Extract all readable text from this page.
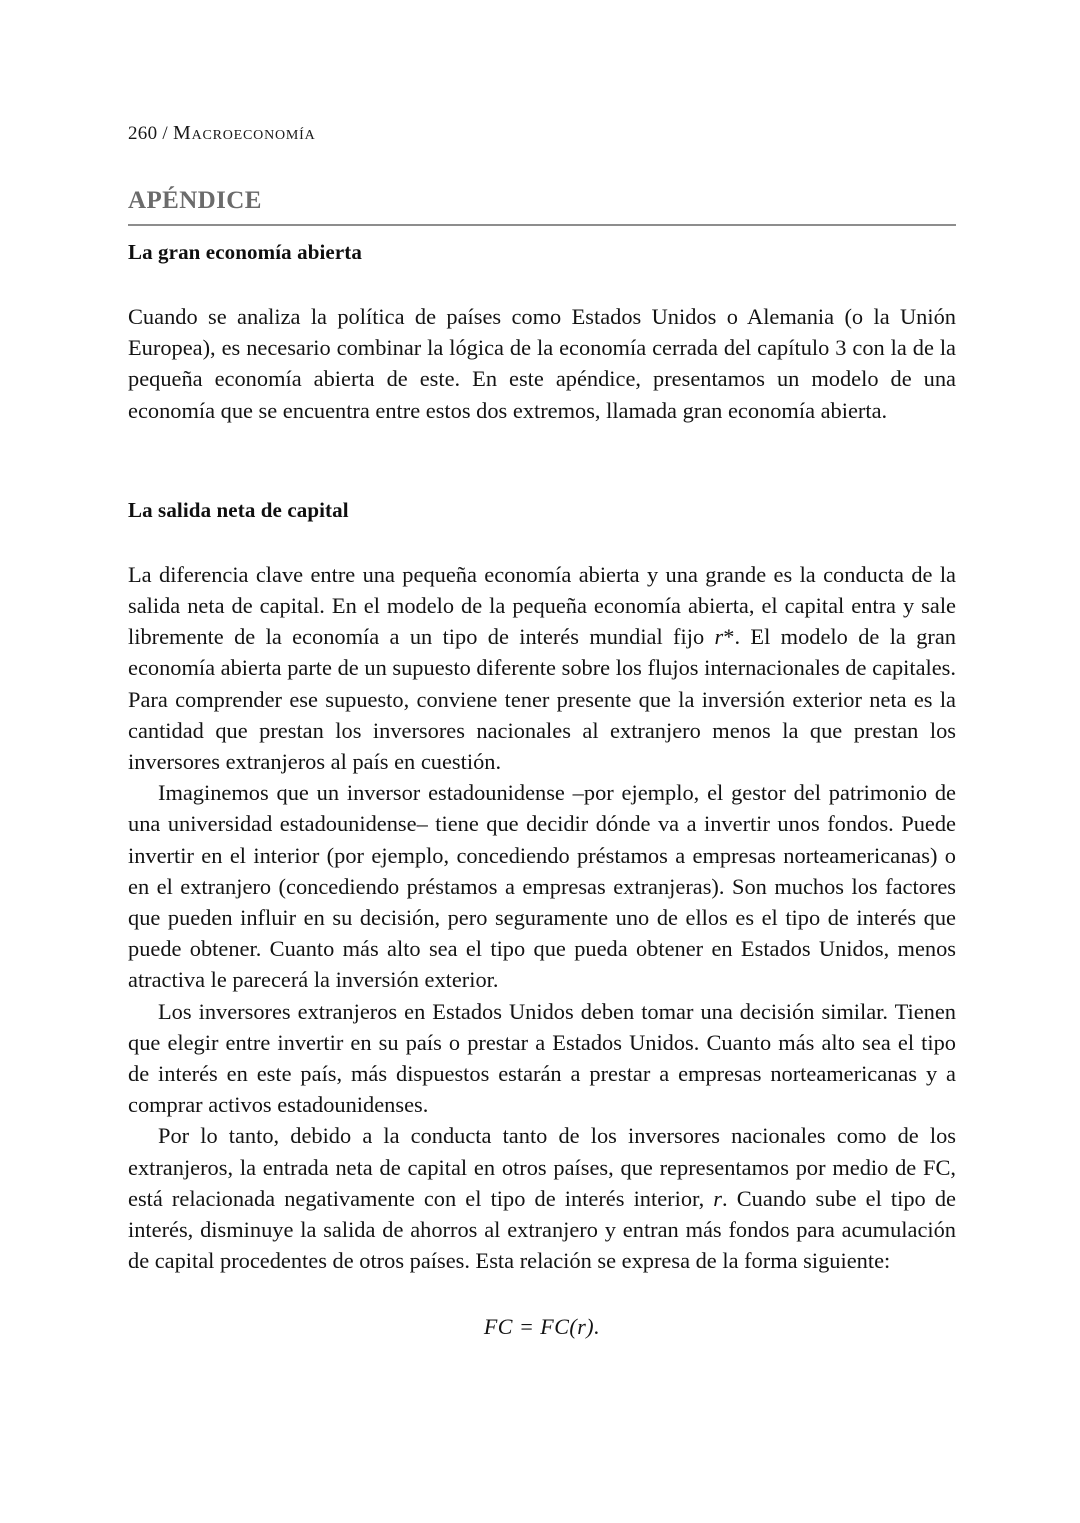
260 / Macroeconomía
APÉNDICE
La gran economía abierta

Cuando se analiza la política de países como Estados Unidos o Alemania (o la Unión Europea), es necesario combinar la lógica de la economía cerrada del capítulo 3 con la de la pequeña economía abierta de este. En este apéndice, presentamos un modelo de una economía que se encuentra entre estos dos extremos, llamada gran economía abierta.

La salida neta de capital

La diferencia clave entre una pequeña economía abierta y una grande es la conducta de la salida neta de capital. En el modelo de la pequeña economía abierta, el capital entra y sale libremente de la economía a un tipo de interés mundial fijo r*. El modelo de la gran economía abierta parte de un supuesto diferente sobre los flujos internacionales de capitales. Para comprender ese supuesto, conviene tener presente que la inversión exterior neta es la cantidad que prestan los inversores nacionales al extranjero menos la que prestan los inversores extranjeros al país en cuestión.

Imaginemos que un inversor estadounidense –por ejemplo, el gestor del patrimonio de una universidad estadounidense– tiene que decidir dónde va a invertir unos fondos. Puede invertir en el interior (por ejemplo, concediendo préstamos a empresas norteamericanas) o en el extranjero (concediendo préstamos a empresas extranjeras). Son muchos los factores que pueden influir en su decisión, pero seguramente uno de ellos es el tipo de interés que puede obtener. Cuanto más alto sea el tipo que pueda obtener en Estados Unidos, menos atractiva le parecerá la inversión exterior.

Los inversores extranjeros en Estados Unidos deben tomar una decisión similar. Tienen que elegir entre invertir en su país o prestar a Estados Unidos. Cuanto más alto sea el tipo de interés en este país, más dispuestos estarán a prestar a empresas norteamericanas y a comprar activos estadounidenses.

Por lo tanto, debido a la conducta tanto de los inversores nacionales como de los extranjeros, la entrada neta de capital en otros países, que representamos por medio de FC, está relacionada negativamente con el tipo de interés interior, r. Cuando sube el tipo de interés, disminuye la salida de ahorros al extranjero y entran más fondos para acumulación de capital procedentes de otros países. Esta relación se expresa de la forma siguiente:

FC = FC(r).
